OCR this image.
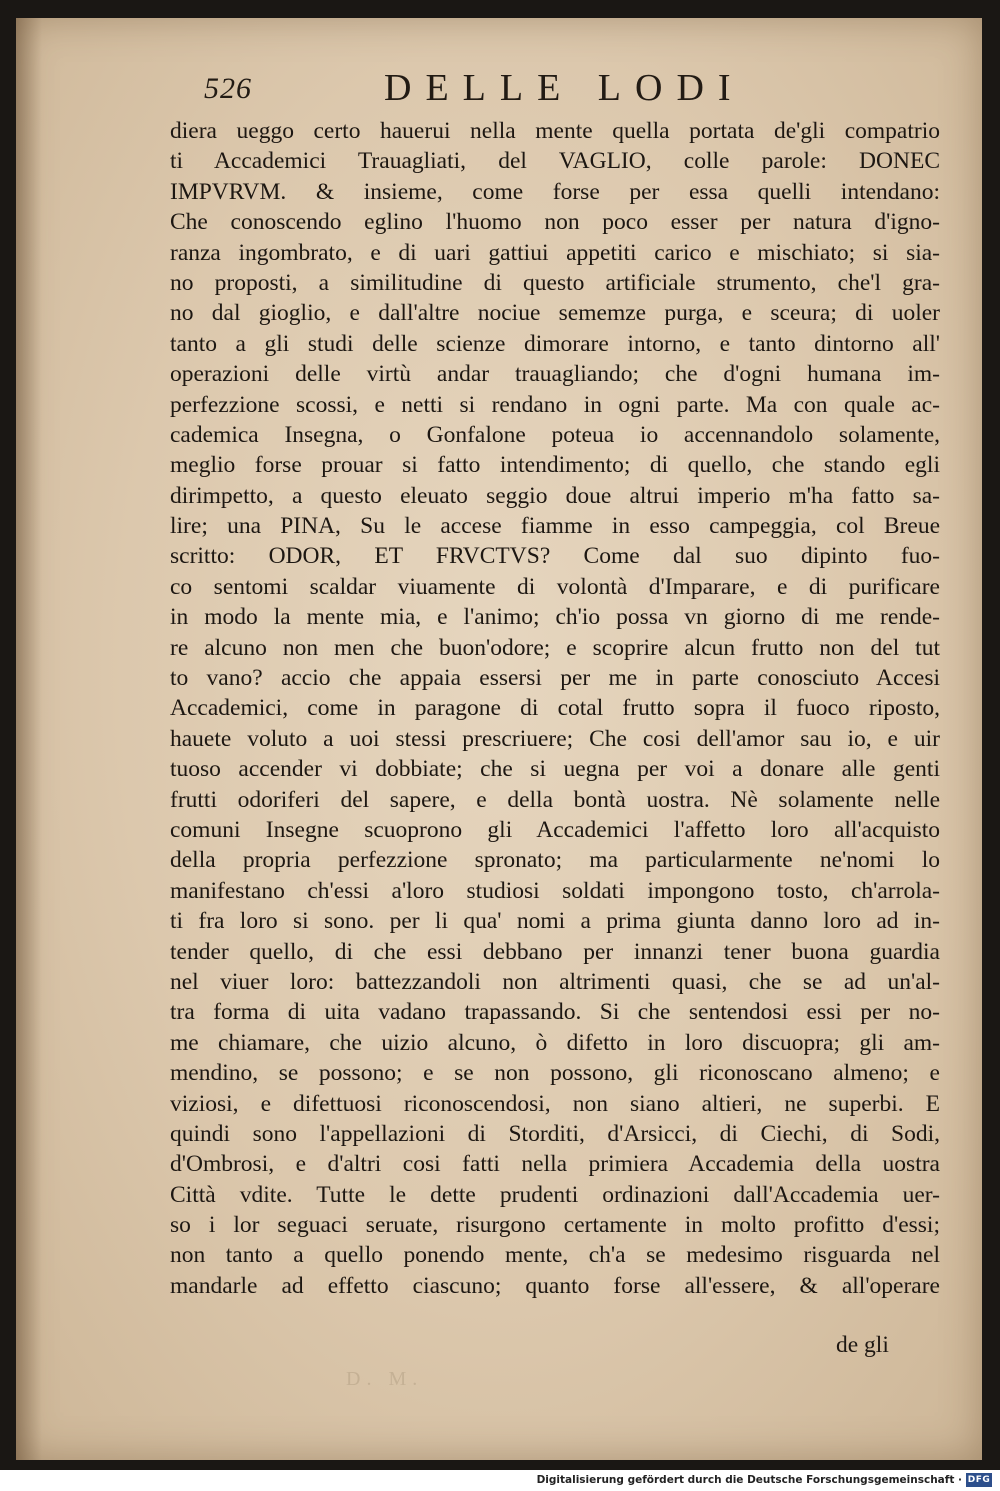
526	DELLE LODI
diera ueggo certo hauerui nella mente quella portata de'gli compatrio
ti Accademici Trauagliati, del VAGLIO, colle parole: DONEC
IMPVRVM. & insieme, come forse per essa quelli intendano:
Che conoscendo eglino l'huomo non poco esser per natura d'igno-
ranza ingombrato, e di uari gattiui appetiti carico e mischiato; si sia-
no proposti, a similitudine di questo artificiale strumento, che'l gra-
no dal gioglio, e dall'altre nociue sememze purga, e sceura; di uoler
tanto a gli studi delle scienze dimorare intorno, e tanto dintorno all'
operazioni delle virtù andar trauagliando; che d'ogni humana im-
perfezzione scossi, e netti si rendano in ogni parte. Ma con quale ac-
cademica Insegna, o Gonfalone poteua io accennandolo solamente,
meglio forse prouar si fatto intendimento; di quello, che stando egli
dirimpetto, a questo eleuato seggio doue altrui imperio m'ha fatto sa-
lire; una PINA, Su le accese fiamme in esso campeggia, col Breue
scritto: ODOR, ET FRVCTVS? Come dal suo dipinto fuo-
co sentomi scaldar viuamente di volontà d'Imparare, e di purificare
in modo la mente mia, e l'animo; ch'io possa vn giorno di me rende-
re alcuno non men che buon'odore; e scoprire alcun frutto non del tut
to vano? accio che appaia essersi per me in parte conosciuto Accesi
Accademici, come in paragone di cotal frutto sopra il fuoco riposto,
hauete voluto a uoi stessi prescriuere; Che cosi dell'amor sau io, e uir
tuoso accender vi dobbiate; che si uegna per voi a donare alle genti
frutti odoriferi del sapere, e della bontà uostra. Nè solamente nelle
comuni Insegne scuoprono gli Accademici l'affetto loro all'acquisto
della propria perfezzione spronato; ma particularmente ne'nomi lo
manifestano ch'essi a'loro studiosi soldati impongono tosto, ch'arrola-
ti fra loro si sono. per li qua' nomi a prima giunta danno loro ad in-
tender quello, di che essi debbano per innanzi tener buona guardia
nel viuer loro: battezzandoli non altrimenti quasi, che se ad un'al-
tra forma di uita vadano trapassando. Si che sentendosi essi per no-
me chiamare, che uizio alcuno, ò difetto in loro discuopra; gli am-
mendino, se possono; e se non possono, gli riconoscano almeno; e
viziosi, e difettuosi riconoscendosi, non siano altieri, ne superbi. E
quindi sono l'appellazioni di Storditi, d'Arsicci, di Ciechi, di Sodi,
d'Ombrosi, e d'altri cosi fatti nella primiera Accademia della uostra
Città vdite. Tutte le dette prudenti ordinazioni dall'Accademia uer-
so i lor seguaci seruate, risurgono certamente in molto profitto d'essi;
non tanto a quello ponendo mente, ch'a se medesimo risguarda nel
mandarle ad effetto ciascuno; quanto forse all'essere, & all'operare
de gli
D. M.
Digitalisierung gefördert durch die Deutsche Forschungsgemeinschaft · DFG
